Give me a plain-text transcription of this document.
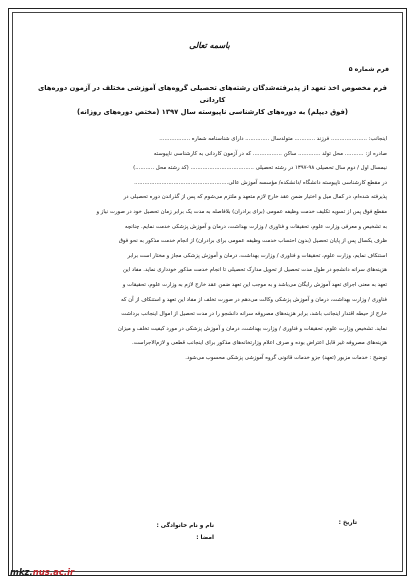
باسمه تعالی
فرم شماره ۵
فرم مخصوص اخذ تعهد از پذیرفته‌شدگان رشته‌های تحصیلی گروه‌های آموزشی مختلف در آزمون دوره‌های کاردانی
(فوق دیپلم) به دوره‌های کارشناسی ناپیوسته سال ۱۳۹۷ (مختص دوره‌های روزانه)

اینجانب: ..................... فرزند ............ متولدسال .............. دارای شناسنامه شماره ..................

صادره از: ........... محل تولد ............. ساکن ................. که در آزمون کاردانی به کارشناسی ناپیوسته

نیمسال اول / دوم سال تحصیلی ۹۸-۱۳۹۷ در رشته تحصیلی ..................................... (کد رشته محل ...........)

در مقطع کارشناسی ناپیوسته دانشگاه /دانشکده/ مؤسسه آموزش عالی.......................................................

پذیرفته شده‌ام، در کمال میل و اختیار ضمن عقد خارج لازم متعهد و ملتزم می‌شوم که پس از گذراندن دوره تحصیلی در

مقطع فوق پس از تسویه تکلیف خدمت وظیفه عمومی (برای برادران) بلافاصله به مدت یک برابر زمان تحصیل خود در صورت نیاز و

به تشخیص و معرفی وزارت علوم، تحقیقات و فناوری / وزارت بهداشت، درمان و آموزش پزشکی خدمت نمایم. چنانچه

ظرف یکسال پس از پایان تحصیل (بدون احتساب خدمت وظیفه عمومی برای برادران) از انجام خدمت مذکور به نحو فوق

استنکاف نمایم، وزارت علوم، تحقیقات و فناوری / وزارت بهداشت، درمان و آموزش پزشکی مجاز و مختار است برابر

هزینه‌های سرانه دانشجو در طول مدت تحصیل از تحویل مدارک تحصیلی تا انجام خدمت مذکور خودداری نماید. مفاد این

تعهد به معنی اجرای تعهد آموزش رایگان می‌باشد و به موجب این تعهد ضمن عقد خارج لازم به وزارت علوم، تحقیقات و

فناوری / وزارت بهداشت، درمان و آموزش پزشکی وکالت می‌دهم در صورت تخلف از مفاد این تعهد و استنکاف از آن که

خارج از حیطه اقتدار اینجانب باشد، برابر هزینه‌های مصروفه سرانه دانشجو را در مدت تحصیل از اموال اینجانب برداشت

نماید. تشخیص وزارت علوم، تحقیقات و فناوری / وزارت بهداشت، درمان و آموزش پزشکی در مورد کیفیت تخلف و میزان

هزینه‌های مصروفه غیر قابل اعتراض بوده و صرف اعلام وزارتخانه‌های مذکور برای اینجانب قطعی و لازم‌الاجراست.

توضیح : خدمات مزبور (تعهد) جزو خدمات قانونی گروه آموزشی پزشکی محسوب می‌شود.

تاریخ :
نام و نام خانوادگی :
امضا :
mkz.nus.ac.ir
